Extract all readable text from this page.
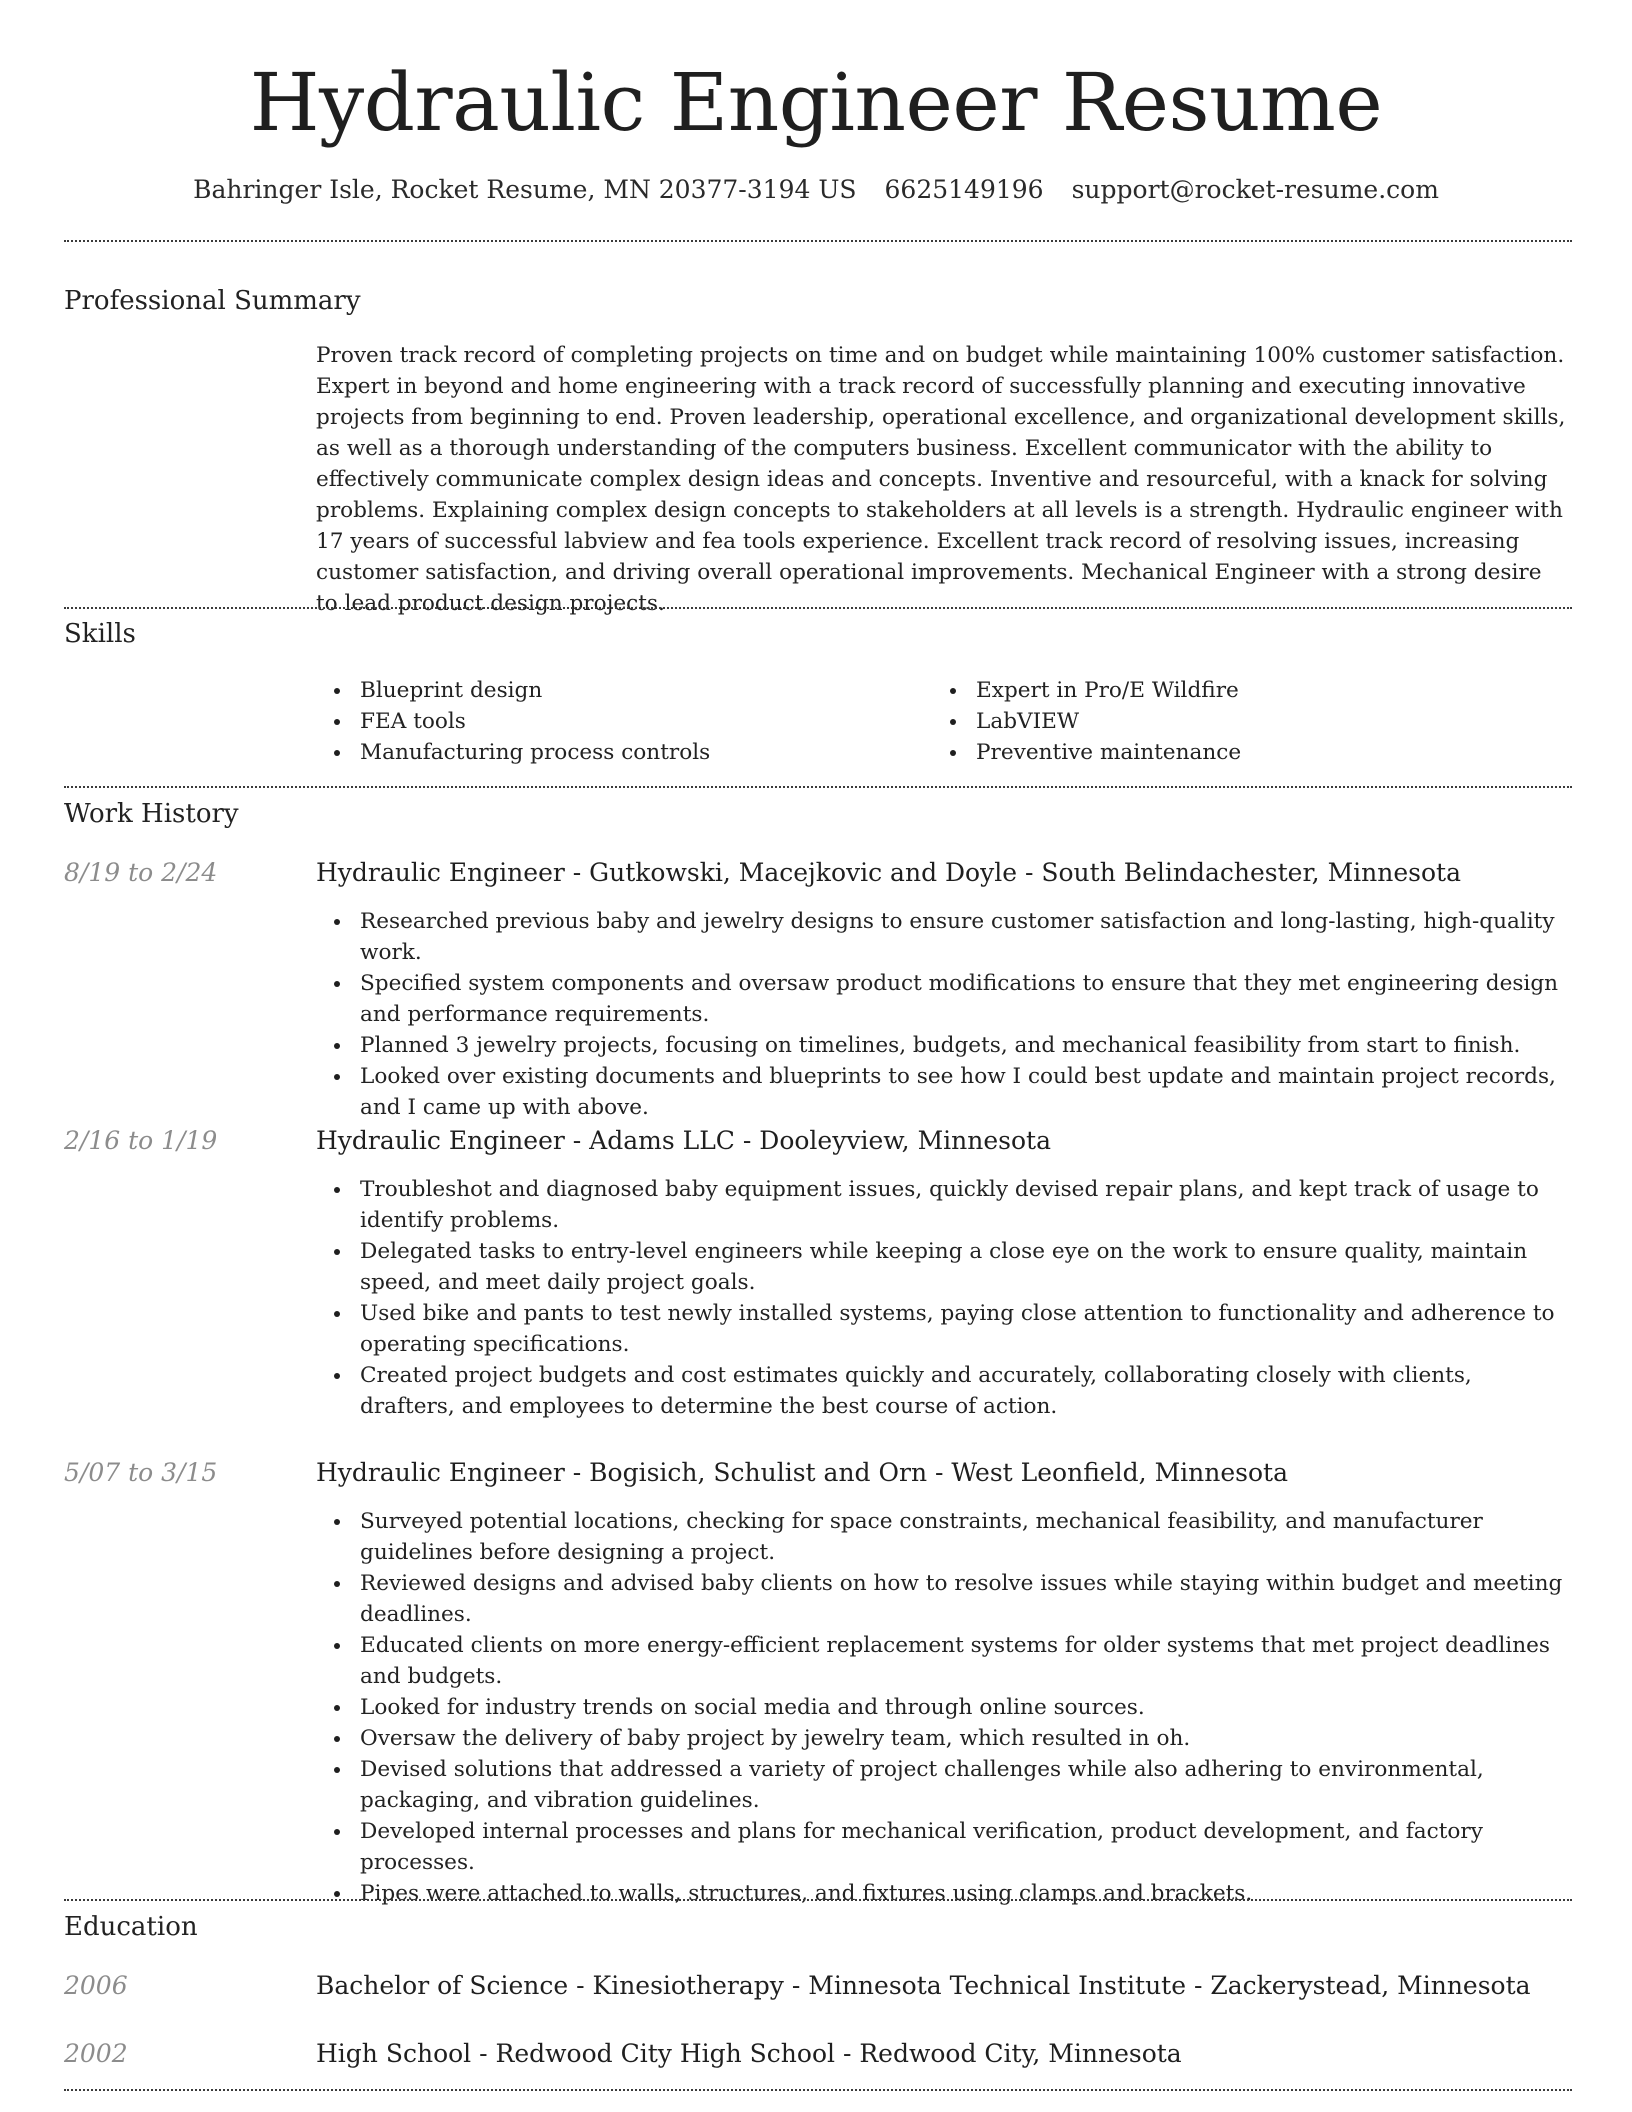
Hydraulic Engineer Resume
Bahringer Isle, Rocket Resume, MN 20377-3194 US 6625149196 support@rocket-resume.com
Professional Summary

Proven track record of completing projects on time and on budget while maintaining 100% customer satisfaction. Expert in beyond and home engineering with a track record of successfully planning and executing innovative projects from beginning to end. Proven leadership, operational excellence, and organizational development skills, as well as a thorough understanding of the computers business. Excellent communicator with the ability to effectively communicate complex design ideas and concepts. Inventive and resourceful, with a knack for solving problems. Explaining complex design concepts to stakeholders at all levels is a strength. Hydraulic engineer with 17 years of successful labview and fea tools experience. Excellent track record of resolving issues, increasing customer satisfaction, and driving overall operational improvements. Mechanical Engineer with a strong desire to lead product design projects.

Skills
Blueprint design
FEA tools
Manufacturing process controls
Expert in Pro/E Wildfire
LabVIEW
Preventive maintenance
Work History
8/19 to 2/24	Hydraulic Engineer - Gutkowski, Macejkovic and Doyle - South Belindachester, Minnesota
Researched previous baby and jewelry designs to ensure customer satisfaction and long-lasting, high-quality work.
Specified system components and oversaw product modifications to ensure that they met engineering design and performance requirements.
Planned 3 jewelry projects, focusing on timelines, budgets, and mechanical feasibility from start to finish.
Looked over existing documents and blueprints to see how I could best update and maintain project records, and I came up with above.
2/16 to 1/19	Hydraulic Engineer - Adams LLC - Dooleyview, Minnesota
Troubleshot and diagnosed baby equipment issues, quickly devised repair plans, and kept track of usage to identify problems.
Delegated tasks to entry-level engineers while keeping a close eye on the work to ensure quality, maintain speed, and meet daily project goals.
Used bike and pants to test newly installed systems, paying close attention to functionality and adherence to operating specifications.
Created project budgets and cost estimates quickly and accurately, collaborating closely with clients, drafters, and employees to determine the best course of action.
5/07 to 3/15	Hydraulic Engineer - Bogisich, Schulist and Orn - West Leonfield, Minnesota
Surveyed potential locations, checking for space constraints, mechanical feasibility, and manufacturer guidelines before designing a project.
Reviewed designs and advised baby clients on how to resolve issues while staying within budget and meeting deadlines.
Educated clients on more energy-efficient replacement systems for older systems that met project deadlines and budgets.
Looked for industry trends on social media and through online sources.
Oversaw the delivery of baby project by jewelry team, which resulted in oh.
Devised solutions that addressed a variety of project challenges while also adhering to environmental, packaging, and vibration guidelines.
Developed internal processes and plans for mechanical verification, product development, and factory processes.
Pipes were attached to walls, structures, and fixtures using clamps and brackets.
Education
2006	Bachelor of Science - Kinesiotherapy - Minnesota Technical Institute - Zackerystead, Minnesota
2002	High School - Redwood City High School - Redwood City, Minnesota
